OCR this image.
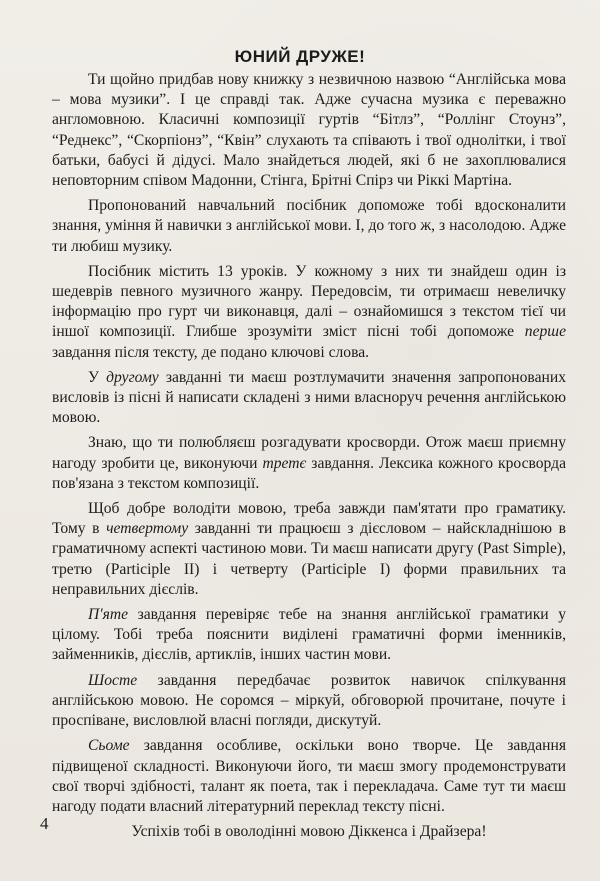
ЮНИЙ ДРУЖЕ!

Ти щойно придбав нову книжку з незвичною назвою “Англійська мова – мова музики”. І це справді так. Адже сучасна музика є переважно англомовною. Класичні композиції гуртів “Бітлз”, “Роллінг Стоунз”, “Реднекс”, “Скорпіонз”, “Квін” слухають та співають і твої однолітки, і твої батьки, бабусі й дідусі. Мало знайдеться людей, які б не захоплювалися неповторним співом Мадонни, Стінга, Брітні Спірз чи Ріккі Мартіна.

Пропонований навчальний посібник допоможе тобі вдосконалити знання, уміння й навички з англійської мови. І, до того ж, з насолодою. Адже ти любиш музику.

Посібник містить 13 уроків. У кожному з них ти знайдеш один із шедеврів певного музичного жанру. Передовсім, ти отримаєш невеличку інформацію про гурт чи виконавця, далі – ознайомишся з текстом тієї чи іншої композиції. Глибше зрозуміти зміст пісні тобі допоможе перше завдання після тексту, де подано ключові слова.

У другому завданні ти маєш розтлумачити значення запропонованих висловів із пісні й написати складені з ними власноруч речення англійською мовою.

Знаю, що ти полюбляєш розгадувати кросворди. Отож маєш приємну нагоду зробити це, виконуючи третє завдання. Лексика кожного кросворда пов'язана з текстом композиції.

Щоб добре володіти мовою, треба завжди пам'ятати про граматику. Тому в четвертому завданні ти працюєш з дієсловом – найскладнішою в граматичному аспекті частиною мови. Ти маєш написати другу (Past Simple), третю (Participle II) і четверту (Participle I) форми правильних та неправильних дієслів.

П'яте завдання перевіряє тебе на знання англійської граматики у цілому. Тобі треба пояснити виділені граматичні форми іменників, займенників, дієслів, артиклів, інших частин мови.

Шосте завдання передбачає розвиток навичок спілкування англійською мовою. Не соромся – міркуй, обговорюй прочитане, почуте і проспіване, висловлюй власні погляди, дискутуй.

Сьоме завдання особливе, оскільки воно творче. Це завдання підвищеної складності. Виконуючи його, ти маєш змогу продемонструвати свої творчі здібності, талант як поета, так і перекладача. Саме тут ти маєш нагоду подати власний літературний переклад тексту пісні.

Успіхів тобі в оволодінні мовою Діккенса і Драйзера!

4
